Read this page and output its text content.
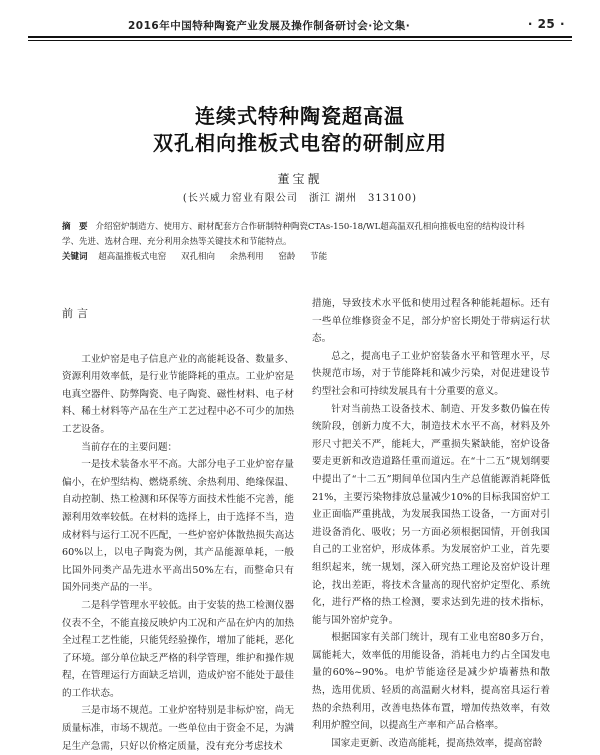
2016年中国特种陶瓷产业发展及操作制备研讨会·论文集·	· 25 ·
连续式特种陶瓷超高温
双孔相向推板式电窑的研制应用
董宝靓
(长兴威力窑业有限公司　浙江 湖州　313100)
摘　要 介绍窑炉制造方、使用方、耐材配套方合作研制特种陶瓷CTAs-150-18/WL超高温双孔相向推板电窑的结构设计科学、先进、选材合理、充分利用余热等关键技术和节能特点。
关键词 超高温推板式电窑 双孔相向 余热利用 窑龄 节能
前言

工业炉窑是电子信息产业的高能耗设备、数量多、资源利用效率低，是行业节能降耗的重点。工业炉窑是电真空器件、防弊陶瓷、电子陶瓷、磁性材料、电子材料、稀土材料等产品在生产工艺过程中必不可少的加热工艺设备。

当前存在的主要问题：

一是技术装备水平不高。大部分电子工业炉窑存量偏小，在炉型结构、燃烧系统、余热利用、绝缘保温、自动控制、热工检测和环保等方面技术性能不完善，能源利用效率较低。在材料的选择上，由于选择不当，造成材料与运行工况不匹配，一些炉窑炉体散热损失高达60%以上，以电子陶瓷为例，其产品能源单耗，一般比国外同类产品先进水平高出50%左右，而整命只有国外同类产品的一半。

二是科学管理水平较低。由于安装的热工检测仪器仪表不全，不能直接反映炉内工况和产品在炉内的加热全过程工艺性能，只能凭经验操作，增加了能耗，恶化了环境。部分单位缺乏严格的科学管理，维护和操作规程，在管理运行方面缺乏培训，造成炉窑不能处于最佳的工作状态。

三是市场不规范。工业炉窑特别是非标炉窑，尚无质量标准，市场不规范。一些单位由于资金不足，为满足生产急需，只好以价格定质量，没有充分考虑技术

措施，导致技术水平低和使用过程各种能耗超标。还有一些单位维修资金不足，部分炉窑长期处于带病运行状态。

总之，提高电子工业炉窑装备水平和管理水平，尽快规范市场，对于节能降耗和减少污染，对促进建设节约型社会和可持续发展具有十分重要的意义。

针对当前热工设备技术、制造、开发多数仍偏在传统阶段，创新力度不大，制造技术水平不高，材料及外形尺寸把关不严，能耗大，严重损失紧缺能，窑炉设备要走更新和改造道路任重而道远。在“十二五”规划纲要中提出了“十二五”期间单位国内生产总值能源消耗降低21%，主要污染物排放总量减少10%的目标我国窑炉工业正面临严重挑战，为发展我国热工设备，一方面对引进设备消化、吸收；另一方面必须根据国情，开创我国自己的工业窑炉，形成体系。为发展窑炉工业，首先要组织起来，统一规划，深入研究热工理论及窑炉设计理论，找出差距，将技术含量高的现代窑炉定型化、系统化，进行严格的热工检测，要求达到先进的技术指标，能与国外窑炉竞争。

根据国家有关部门统计，现有工业电窑80多万台，属能耗大，效率低的用能设备，消耗电力约占全国发电量的60%~90%。电炉节能途径是减少炉墙蓄热和散热，选用优质、轻质的高温耐火材料，提高窑具运行着热的余热利用，改善电热体布置，增加传热效率，有效利用炉膛空间，以提高生产率和产品合格率。

国家走更新、改造高能耗，提高热效率，提高窑龄
